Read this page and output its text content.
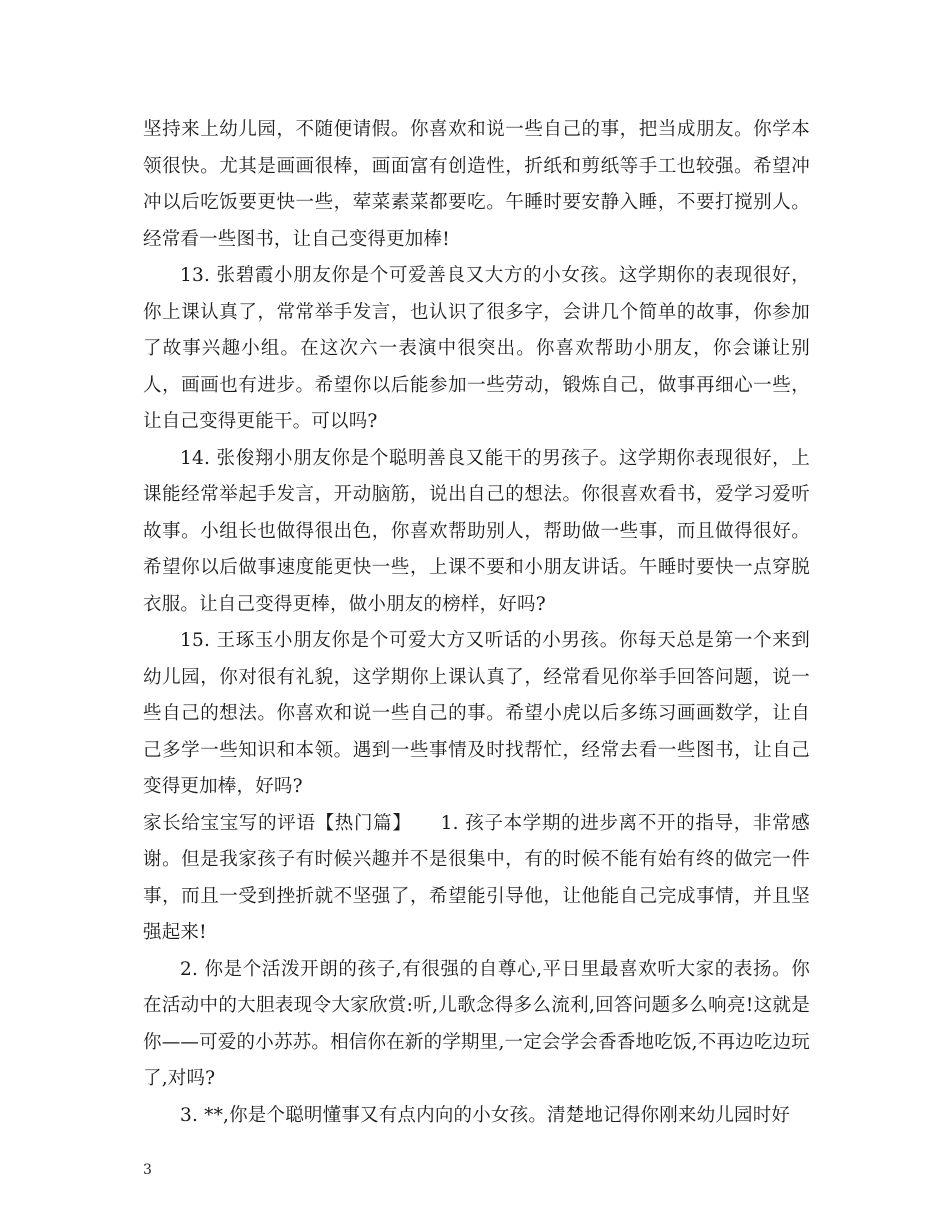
坚持来上幼儿园，不随便请假。你喜欢和说一些自己的事，把当成朋友。你学本领很快。尤其是画画很棒，画面富有创造性，折纸和剪纸等手工也较强。希望冲冲以后吃饭要更快一些，荤菜素菜都要吃。午睡时要安静入睡，不要打搅别人。经常看一些图书，让自己变得更加棒!

13. 张碧霞小朋友你是个可爱善良又大方的小女孩。这学期你的表现很好，你上课认真了，常常举手发言，也认识了很多字，会讲几个简单的故事，你参加了故事兴趣小组。在这次六一表演中很突出。你喜欢帮助小朋友，你会谦让别人，画画也有进步。希望你以后能参加一些劳动，锻炼自己，做事再细心一些，让自己变得更能干。可以吗?

14. 张俊翔小朋友你是个聪明善良又能干的男孩子。这学期你表现很好，上课能经常举起手发言，开动脑筋，说出自己的想法。你很喜欢看书，爱学习爱听故事。小组长也做得很出色，你喜欢帮助别人，帮助做一些事，而且做得很好。希望你以后做事速度能更快一些，上课不要和小朋友讲话。午睡时要快一点穿脱衣服。让自己变得更棒，做小朋友的榜样，好吗?

15. 王琢玉小朋友你是个可爱大方又听话的小男孩。你每天总是第一个来到幼儿园，你对很有礼貌，这学期你上课认真了，经常看见你举手回答问题，说一些自己的想法。你喜欢和说一些自己的事。希望小虎以后多练习画画数学，让自己多学一些知识和本领。遇到一些事情及时找帮忙，经常去看一些图书，让自己变得更加棒，好吗?

家长给宝宝写的评语【热门篇】　　1. 孩子本学期的进步离不开的指导，非常感谢。但是我家孩子有时候兴趣并不是很集中，有的时候不能有始有终的做完一件事，而且一受到挫折就不坚强了，希望能引导他，让他能自己完成事情，并且坚强起来!

2. 你是个活泼开朗的孩子,有很强的自尊心,平日里最喜欢听大家的表扬。你在活动中的大胆表现令大家欣赏:听,儿歌念得多么流利,回答问题多么响亮!这就是你——可爱的小苏苏。相信你在新的学期里,一定会学会香香地吃饭,不再边吃边玩了,对吗?

3. **,你是个聪明懂事又有点内向的小女孩。清楚地记得你刚来幼儿园时好

3
